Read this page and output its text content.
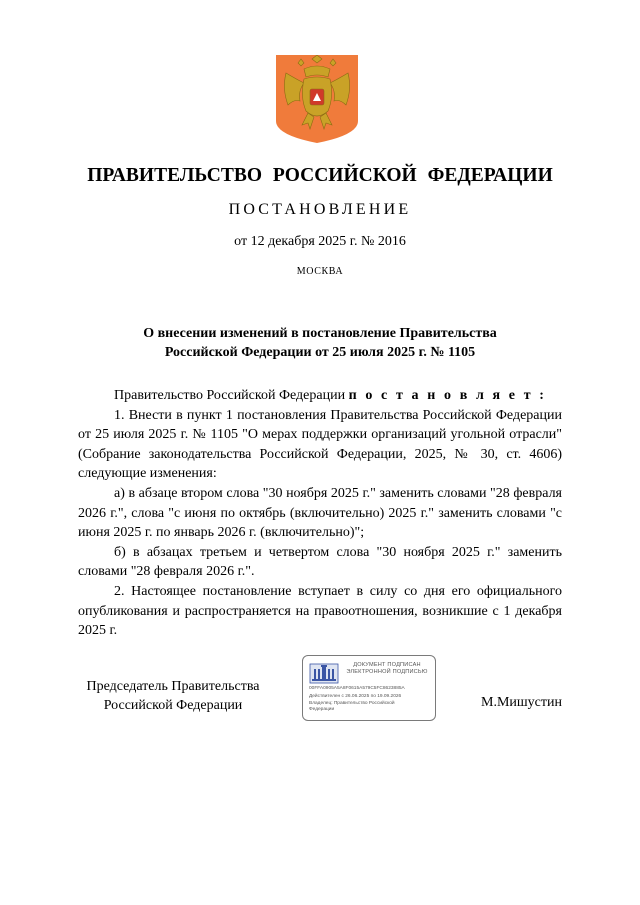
ПРАВИТЕЛЬСТВО РОССИЙСКОЙ ФЕДЕРАЦИИ
ПОСТАНОВЛЕНИЕ
от 12 декабря 2025 г. № 2016
МОСКВА
О внесении изменений в постановление Правительства
Российской Федерации от 25 июля 2025 г. № 1105

Правительство Российской Федерации п о с т а н о в л я е т :

1. Внести в пункт 1 постановления Правительства Российской Федерации от 25 июля 2025 г. № 1105 "О мерах поддержки организаций угольной отрасли" (Собрание законодательства Российской Федерации, 2025, № 30, ст. 4606) следующие изменения:

а) в абзаце втором слова "30 ноября 2025 г." заменить словами "28 февраля 2026 г.", слова "с июня по октябрь (включительно) 2025 г." заменить словами "с июня 2025 г. по январь 2026 г. (включительно)";

б) в абзацах третьем и четвертом слова "30 ноября 2025 г." заменить словами "28 февраля 2026 г.".

2. Настоящее постановление вступает в силу со дня его официального опубликования и распространяется на правоотношения, возникшие с 1 декабря 2025 г.

Председатель Правительства
Российской Федерации
ДОКУМЕНТ ПОДПИСАН
ЭЛЕКТРОННОЙ ПОДПИСЬЮ
00FFA0905A5A8F0615A579C5FC8623885A
Действителен с 26.06.2025 по 19.09.2026
Владелец: Правительство Российской
Федерации	М.Мишустин
